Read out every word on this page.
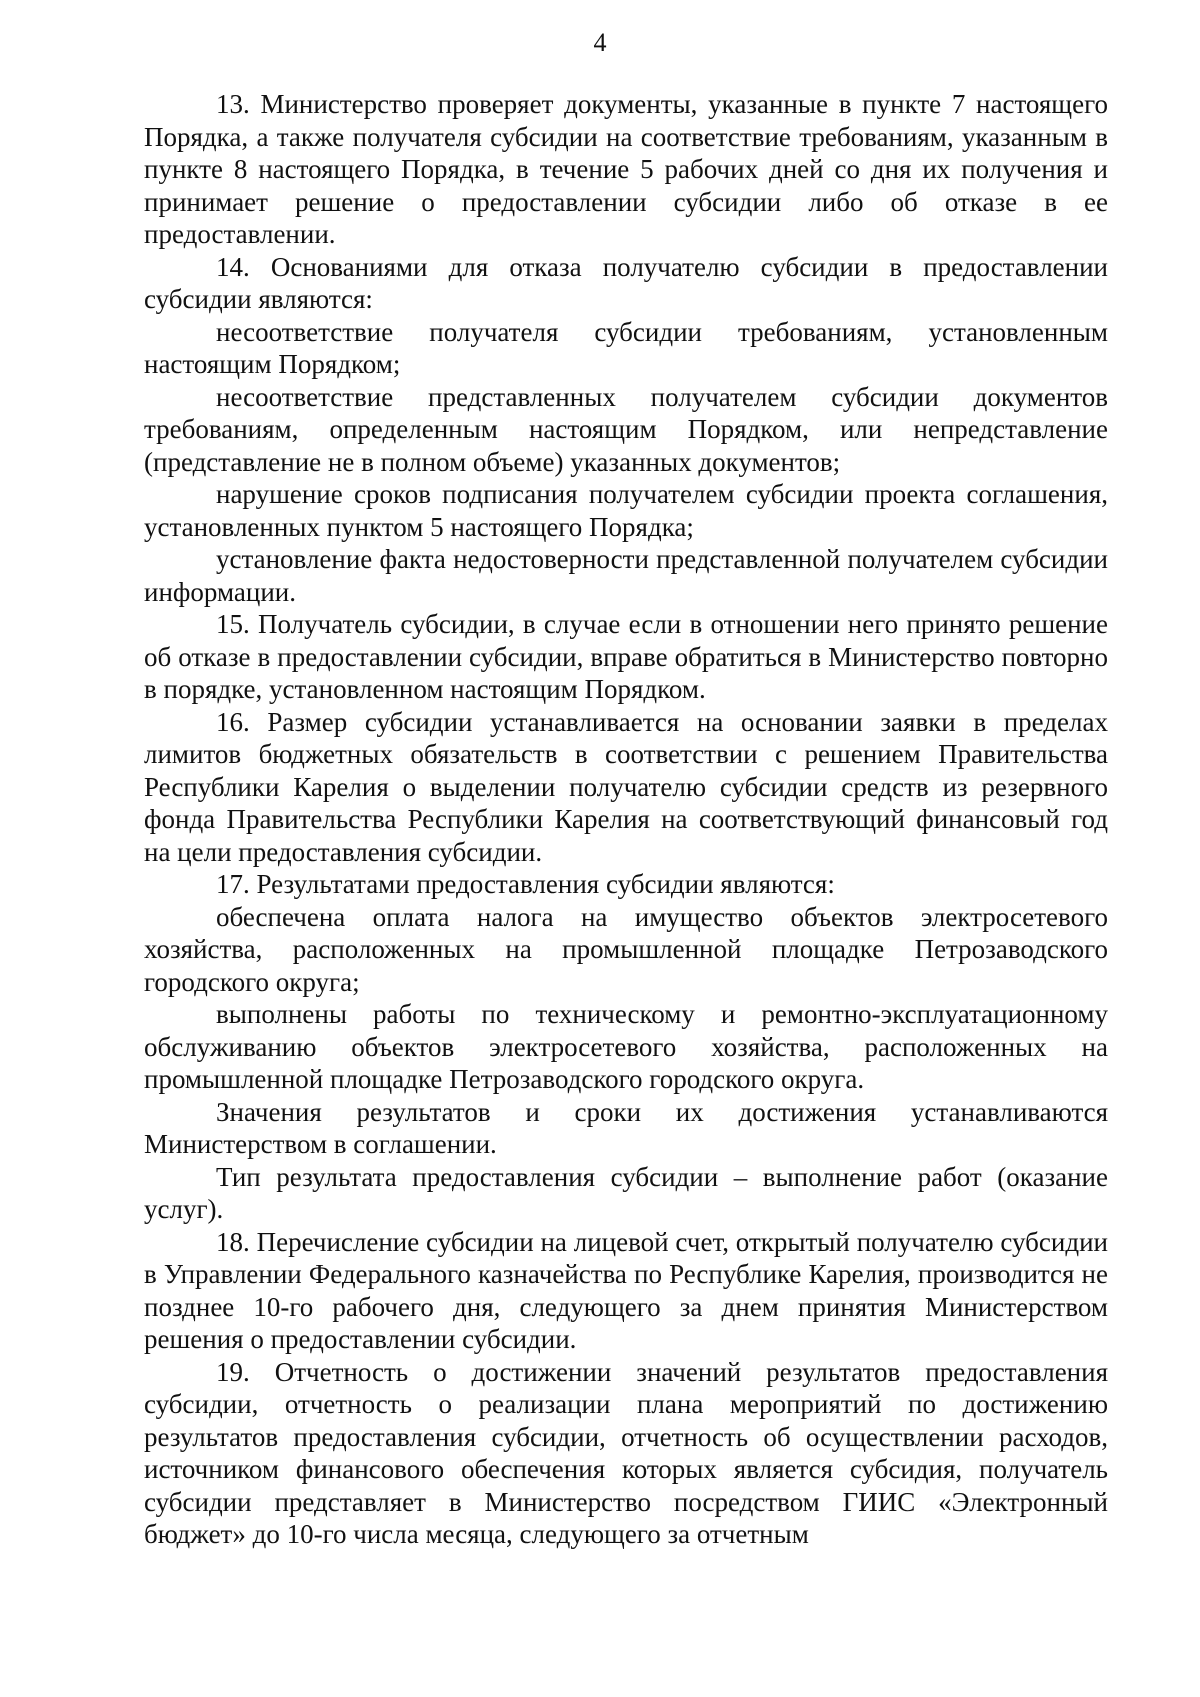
4

13. Министерство проверяет документы, указанные в пункте 7 настоящего Порядка, а также получателя субсидии на соответствие требованиям, указанным в пункте 8 настоящего Порядка, в течение 5 рабочих дней со дня их получения и принимает решение о предоставлении субсидии либо об отказе в ее предоставлении.

14. Основаниями для отказа получателю субсидии в предоставлении субсидии являются:

несоответствие получателя субсидии требованиям, установленным настоящим Порядком;

несоответствие представленных получателем субсидии документов требованиям, определенным настоящим Порядком, или непредставление (представление не в полном объеме) указанных документов;

нарушение сроков подписания получателем субсидии проекта соглашения, установленных пунктом 5 настоящего Порядка;

установление факта недостоверности представленной получателем субсидии информации.

15. Получатель субсидии, в случае если в отношении него принято решение об отказе в предоставлении субсидии, вправе обратиться в Министерство повторно в порядке, установленном настоящим Порядком.

16. Размер субсидии устанавливается на основании заявки в пределах лимитов бюджетных обязательств в соответствии с решением Правительства Республики Карелия о выделении получателю субсидии средств из резервного фонда Правительства Республики Карелия на соответствующий финансовый год на цели предоставления субсидии.

17. Результатами предоставления субсидии являются:

обеспечена оплата налога на имущество объектов электросетевого хозяйства, расположенных на промышленной площадке Петрозаводского городского округа;

выполнены работы по техническому и ремонтно-эксплуатационному обслуживанию объектов электросетевого хозяйства, расположенных на промышленной площадке Петрозаводского городского округа.

Значения результатов и сроки их достижения устанавливаются Министерством в соглашении.

Тип результата предоставления субсидии – выполнение работ (оказание услуг).

18. Перечисление субсидии на лицевой счет, открытый получателю субсидии в Управлении Федерального казначейства по Республике Карелия, производится не позднее 10-го рабочего дня, следующего за днем принятия Министерством решения о предоставлении субсидии.

19. Отчетность о достижении значений результатов предоставления субсидии, отчетность о реализации плана мероприятий по достижению результатов предоставления субсидии, отчетность об осуществлении расходов, источником финансового обеспечения которых является субсидия, получатель субсидии представляет в Министерство посредством ГИИС «Электронный бюджет» до 10-го числа месяца, следующего за отчетным
